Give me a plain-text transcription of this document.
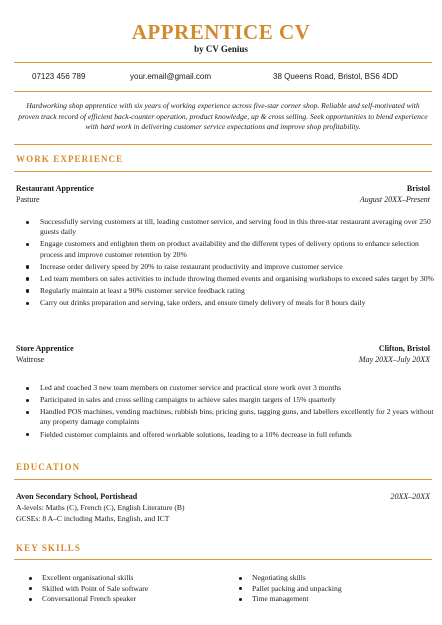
APPRENTICE CV
by CV Genius
07123 456 789	your.email@gmail.com	38 Queens Road, Bristol, BS6 4DD
Hardworking shop apprentice with six years of working experience across five-star corner shop. Reliable and self-motivated with proven track record of efficient back-counter operation, product knowledge, up & cross selling. Seek opportunities to blend experience with hard work in delivering customer service expectations and improve shop profitability.
WORK EXPERIENCE
Restaurant Apprentice	Bristol
Pasture	August 20XX–Present
Successfully serving customers at till, leading customer service, and serving food in this three-star restaurant averaging over 250 guests daily
Engage customers and enlighten them on product availability and the different types of delivery options to enhance selection process and improve customer retention by 20%
Increase order delivery speed by 20% to raise restaurant productivity and improve customer service
Led team members on sales activities to include throwing themed events and organising workshops to exceed sales target by 30%
Regularly maintain at least a 90% customer service feedback rating
Carry out drinks preparation and serving, take orders, and ensure timely delivery of meals for 8 hours daily
Store Apprentice	Clifton, Bristol
Waitrose	May 20XX–July 20XX
Led and coached 3 new team members on customer service and practical store work over 3 months
Participated in sales and cross selling campaigns to achieve sales margin targets of 15% quarterly
Handled POS machines, vending machines, rubbish bins, pricing guns, tagging guns, and labellers excellently for 2 years without any property damage complaints
Fielded customer complaints and offered workable solutions, leading to a 10% decrease in full refunds
EDUCATION
Avon Secondary School, Portishead	20XX–20XX
A-levels: Maths (C), French (C), English Literature (B)
GCSEs: 8 A–C including Maths, English, and ICT
KEY SKILLS
Excellent organisational skills
Skilled with Point of Sale software
Conversational French speaker
Negotiating skills
Pallet packing and unpacking
Time management
